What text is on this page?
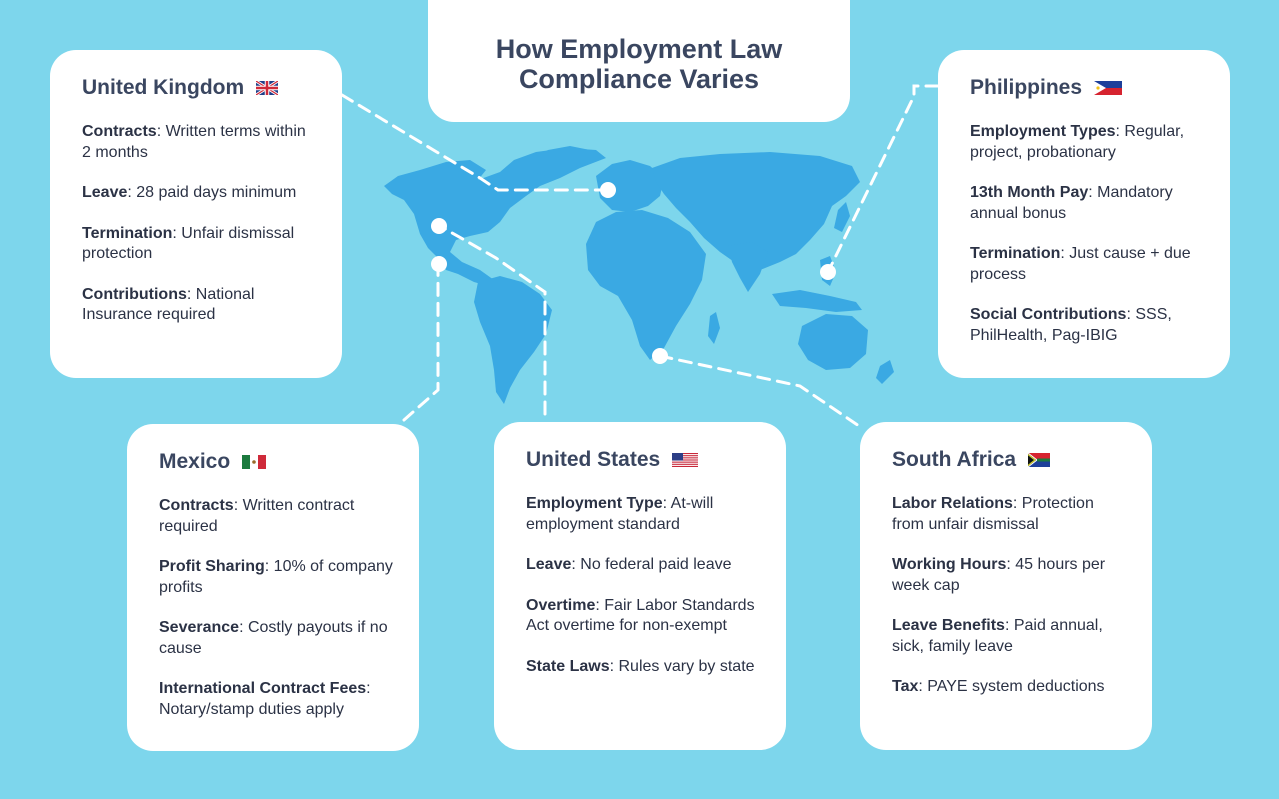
How Employment Law Compliance Varies
United Kingdom
Contracts: Written terms within 2 months
Leave: 28 paid days minimum
Termination: Unfair dismissal protection
Contributions: National Insurance required
Philippines
Employment Types: Regular, project, probationary
13th Month Pay: Mandatory annual bonus
Termination: Just cause + due process
Social Contributions: SSS, PhilHealth, Pag-IBIG
Mexico
Contracts: Written contract required
Profit Sharing: 10% of company profits
Severance: Costly payouts if no cause
International Contract Fees: Notary/stamp duties apply
United States
Employment Type: At-will employment standard
Leave: No federal paid leave
Overtime: Fair Labor Standards Act overtime for non-exempt
State Laws: Rules vary by state
South Africa
Labor Relations: Protection from unfair dismissal
Working Hours: 45 hours per week cap
Leave Benefits: Paid annual, sick, family leave
Tax: PAYE system deductions
